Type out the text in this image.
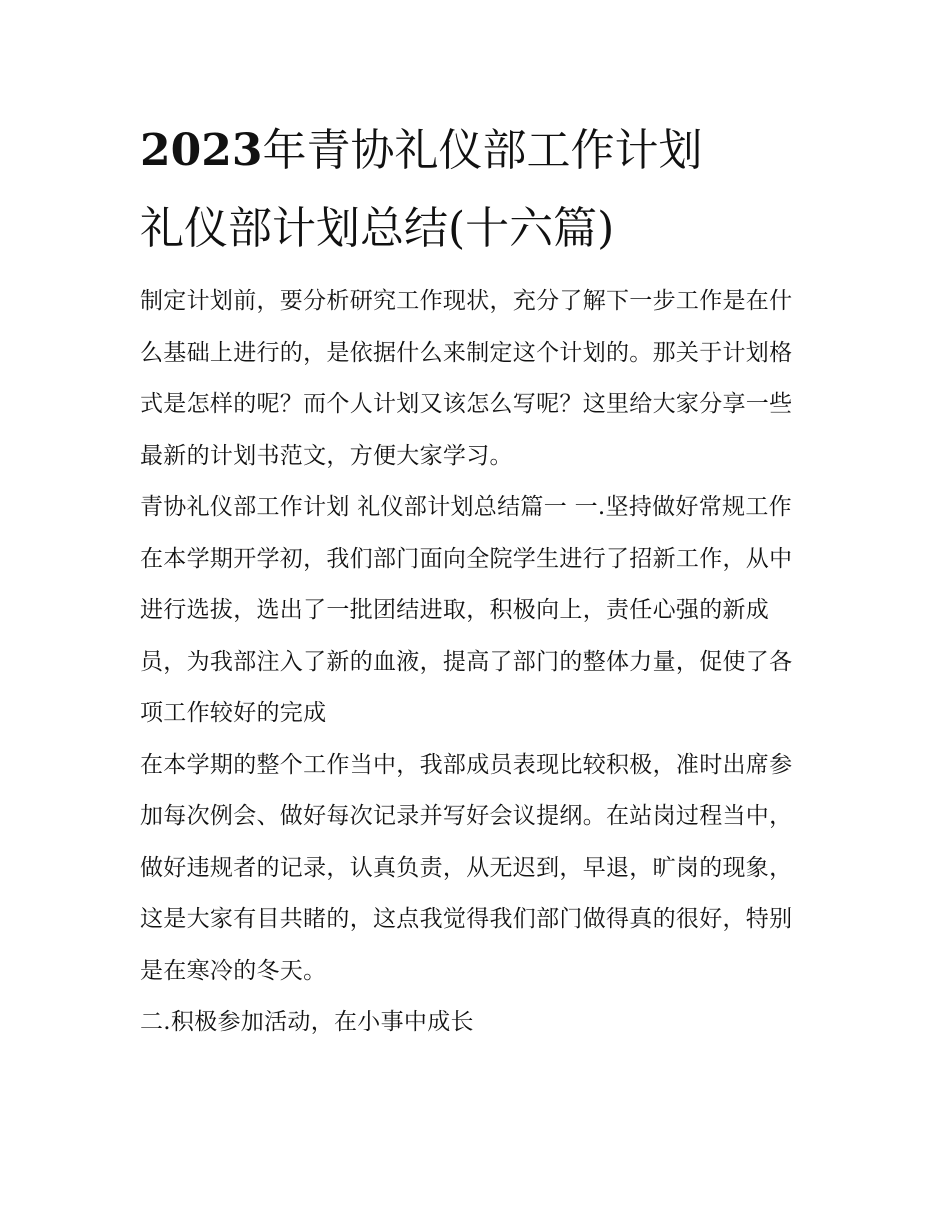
2023年青协礼仪部工作计划
礼仪部计划总结(十六篇)

制定计划前，要分析研究工作现状，充分了解下一步工作是在什么基础上进行的，是依据什么来制定这个计划的。那关于计划格式是怎样的呢？而个人计划又该怎么写呢？这里给大家分享一些最新的计划书范文，方便大家学习。

青协礼仪部工作计划 礼仪部计划总结篇一 一.坚持做好常规工作

在本学期开学初，我们部门面向全院学生进行了招新工作，从中进行选拔，选出了一批团结进取，积极向上，责任心强的新成员，为我部注入了新的血液，提高了部门的整体力量，促使了各项工作较好的完成

在本学期的整个工作当中，我部成员表现比较积极，准时出席参加每次例会、做好每次记录并写好会议提纲。在站岗过程当中，做好违规者的记录，认真负责，从无迟到，早退，旷岗的现象，这是大家有目共睹的，这点我觉得我们部门做得真的很好，特别是在寒冷的冬天。

二.积极参加活动，在小事中成长
